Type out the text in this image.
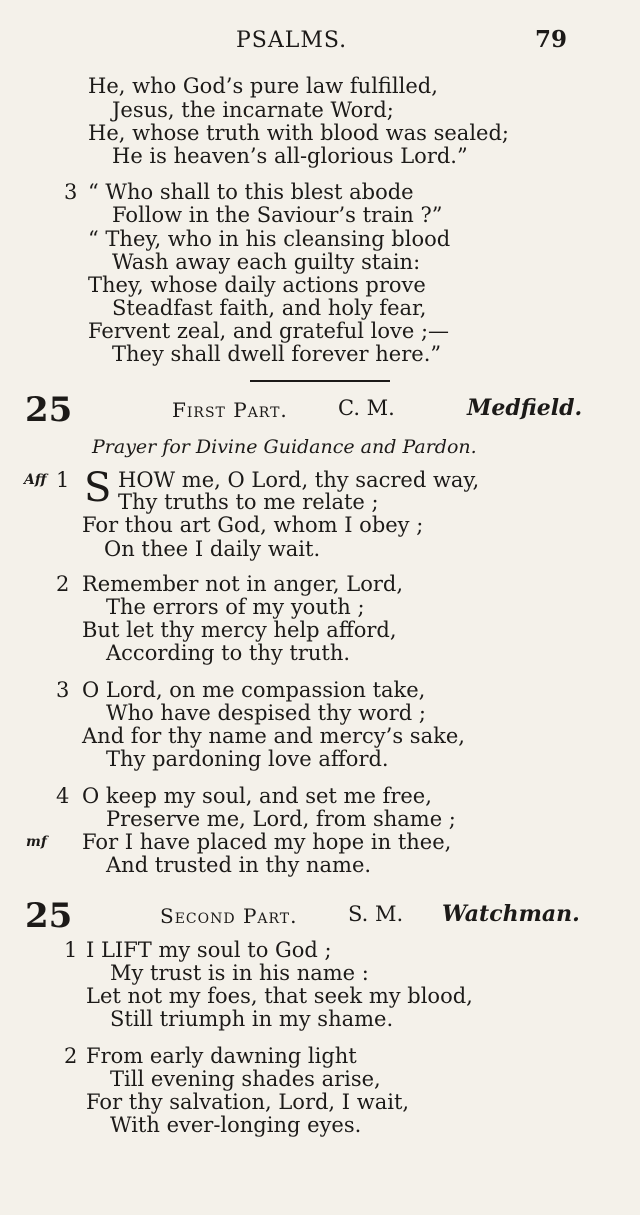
PSALMS.	79
He, who God’s pure law fulfilled,
Jesus, the incarnate Word;
He, whose truth with blood was sealed;
He is heaven’s all-glorious Lord.”
3 “ Who shall to this blest abode
Follow in the Saviour’s train ?”
“ They, who in his cleansing blood
Wash away each guilty stain:
They, whose daily actions prove
Steadfast faith, and holy fear,
Fervent zeal, and grateful love ;—
They shall dwell forever here.”
25	First Part. C. M.	Medfield.
Prayer for Divine Guidance and Pardon.
Aff 1 S HOW me, O Lord, thy sacred way,
Thy truths to me relate ;
For thou art God, whom I obey ;
On thee I daily wait.
2 Remember not in anger, Lord,
The errors of my youth ;
But let thy mercy help afford,
According to thy truth.
3 O Lord, on me compassion take,
Who have despised thy word ;
And for thy name and mercy’s sake,
Thy pardoning love afford.
4 O keep my soul, and set me free,
Preserve me, Lord, from shame ;
mf For I have placed my hope in thee,
And trusted in thy name.
25	Second Part. S. M. Watchman.
1 I LIFT my soul to God ;
My trust is in his name :
Let not my foes, that seek my blood,
Still triumph in my shame.
2 From early dawning light
Till evening shades arise,
For thy salvation, Lord, I wait,
With ever-longing eyes.
